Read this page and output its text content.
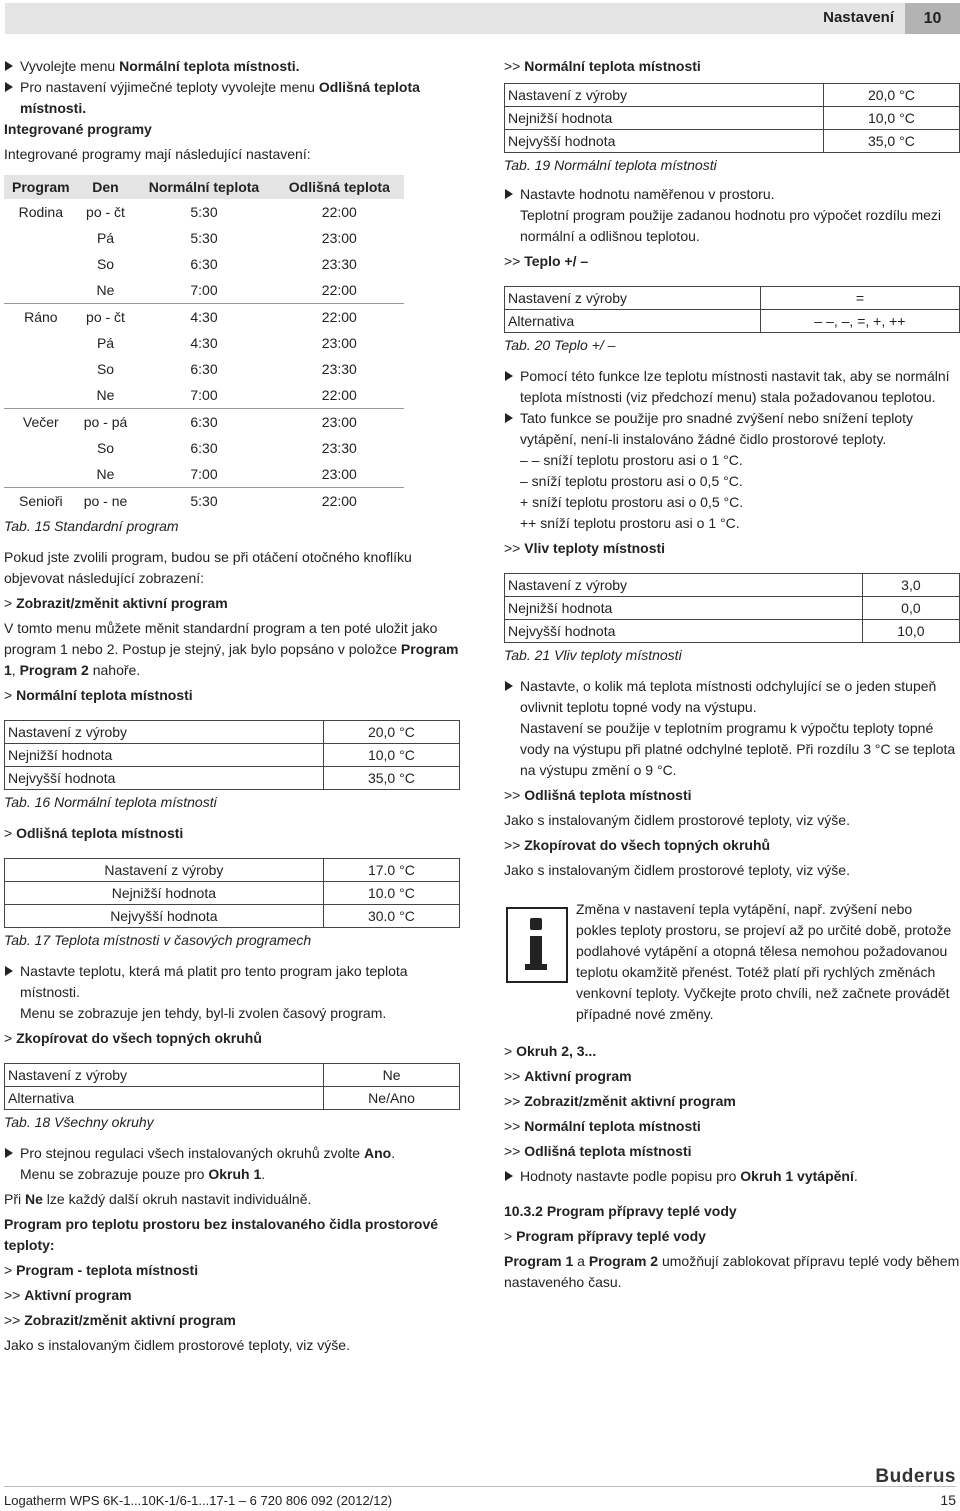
Nastavení	10

Vyvolejte menu Normální teplota místnosti.

Pro nastavení výjimečné teploty vyvolejte menu Odlišná teplota místnosti.

Integrované programy

Integrované programy mají následující nastavení:

Program	Den	Normální teplota	Odlišná teplota
Rodina	po - čt	5:30	22:00
	Pá	5:30	23:00
	So	6:30	23:30
	Ne	7:00	22:00
Ráno	po - čt	4:30	22:00
	Pá	4:30	23:00
	So	6:30	23:30
	Ne	7:00	22:00
Večer	po - pá	6:30	23:00
	So	6:30	23:30
	Ne	7:00	23:00
Senioři	po - ne	5:30	22:00

Tab. 15 Standardní program

Pokud jste zvolili program, budou se při otáčení otočného knoflíku objevovat následující zobrazení:

> Zobrazit/změnit aktivní program

V tomto menu můžete měnit standardní program a ten poté uložit jako program 1 nebo 2. Postup je stejný, jak bylo popsáno v položce Program 1, Program 2 nahoře.

> Normální teplota místnosti

Nastavení z výroby	20,0 °C
Nejnižší hodnota	10,0 °C
Nejvyšší hodnota	35,0 °C

Tab. 16 Normální teplota místnosti

> Odlišná teplota místnosti

Nastavení z výroby	17.0 °C
Nejnižší hodnota	10.0 °C
Nejvyšší hodnota	30.0 °C

Tab. 17 Teplota místnosti v časových programech

Nastavte teplotu, která má platit pro tento program jako teplota místnosti.

Menu se zobrazuje jen tehdy, byl-li zvolen časový program.

> Zkopírovat do všech topných okruhů

Nastavení z výroby	Ne
Alternativa	Ne/Ano

Tab. 18 Všechny okruhy

Pro stejnou regulaci všech instalovaných okruhů zvolte Ano.

Menu se zobrazuje pouze pro Okruh 1.

Při Ne lze každý další okruh nastavit individuálně.

Program pro teplotu prostoru bez instalovaného čidla prostorové teploty:

> Program - teplota místnosti

>> Aktivní program

>> Zobrazit/změnit aktivní program

Jako s instalovaným čidlem prostorové teploty, viz výše.

>> Normální teplota místnosti

Nastavení z výroby	20,0 °C
Nejnižší hodnota	10,0 °C
Nejvyšší hodnota	35,0 °C

Tab. 19 Normální teplota místnosti

Nastavte hodnotu naměřenou v prostoru.

Teplotní program použije zadanou hodnotu pro výpočet rozdílu mezi normální a odlišnou teplotou.

>> Teplo +/ –

Nastavení z výroby	=
Alternativa	– –, –, =, +, ++

Tab. 20 Teplo +/ –

Pomocí této funkce lze teplotu místnosti nastavit tak, aby se normální teplota místnosti (viz předchozí menu) stala požadovanou teplotou.

Tato funkce se použije pro snadné zvýšení nebo snížení teploty vytápění, není-li instalováno žádné čidlo prostorové teploty.

– – sníží teplotu prostoru asi o 1 °C.

– sníží teplotu prostoru asi o 0,5 °C.

+ sníží teplotu prostoru asi o 0,5 °C.

++ sníží teplotu prostoru asi o 1 °C.

>> Vliv teploty místnosti

Nastavení z výroby	3,0
Nejnižší hodnota	0,0
Nejvyšší hodnota	10,0

Tab. 21 Vliv teploty místnosti

Nastavte, o kolik má teplota místnosti odchylující se o jeden stupeň ovlivnit teplotu topné vody na výstupu.

Nastavení se použije v teplotním programu k výpočtu teploty topné vody na výstupu při platné odchylné teplotě. Při rozdílu 3 °C se teplota na výstupu změní o 9 °C.

>> Odlišná teplota místnosti

Jako s instalovaným čidlem prostorové teploty, viz výše.

>> Zkopírovat do všech topných okruhů

Jako s instalovaným čidlem prostorové teploty, viz výše.

Změna v nastavení tepla vytápění, např. zvýšení nebo pokles teploty prostoru, se projeví až po určité době, protože podlahové vytápění a otopná tělesa nemohou požadovanou teplotu okamžitě přenést. Totéž platí při rychlých změnách venkovní teploty. Vyčkejte proto chvíli, než začnete provádět případné nové změny.

> Okruh 2, 3...

>> Aktivní program

>> Zobrazit/změnit aktivní program

>> Normální teplota místnosti

>> Odlišná teplota místnosti

Hodnoty nastavte podle popisu pro Okruh 1 vytápění.

10.3.2 Program přípravy teplé vody

> Program přípravy teplé vody

Program 1 a Program 2 umožňují zablokovat přípravu teplé vody během nastaveného času.

Buderus
Logatherm WPS 6K-1...10K-1/6-1...17-1 – 6 720 806 092 (2012/12)	15
